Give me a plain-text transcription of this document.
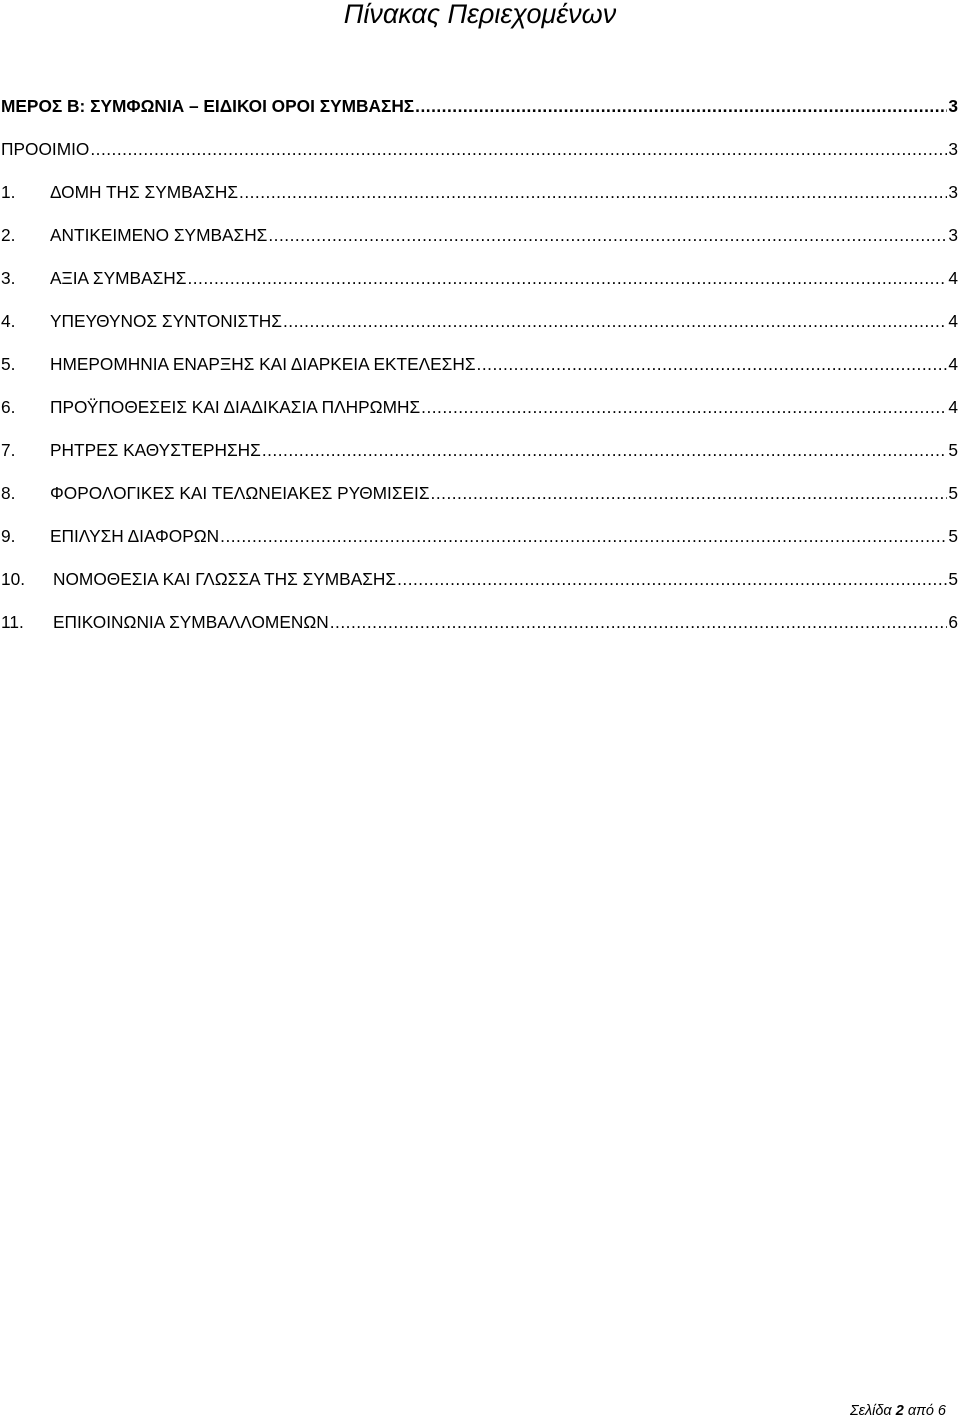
Πίνακας Περιεχομένων
ΜΕΡΟΣ Β: ΣΥΜΦΩΝΙΑ – ΕΙΔΙΚΟΙ ΟΡΟΙ ΣΥΜΒΑΣΗΣ .....	3
ΠΡΟΟΙΜΙΟ .....	3
1.	ΔΟΜΗ ΤΗΣ ΣΥΜΒΑΣΗΣ .....	3
2.	ΑΝΤΙΚΕΙΜΕΝΟ ΣΥΜΒΑΣΗΣ .....	3
3.	ΑΞΙΑ ΣΥΜΒΑΣΗΣ .....	4
4.	ΥΠΕΥΘΥΝΟΣ ΣΥΝΤΟΝΙΣΤΗΣ .....	4
5.	ΗΜΕΡΟΜΗΝΙΑ ΕΝΑΡΞΗΣ ΚΑΙ ΔΙΑΡΚΕΙΑ ΕΚΤΕΛΕΣΗΣ .....	4
6.	ΠΡΟΫΠΟΘΕΣΕΙΣ ΚΑΙ ΔΙΑΔΙΚΑΣΙΑ ΠΛΗΡΩΜΗΣ .....	4
7.	ΡΗΤΡΕΣ ΚΑΘΥΣΤΕΡΗΣΗΣ .....	5
8.	ΦΟΡΟΛΟΓΙΚΕΣ ΚΑΙ ΤΕΛΩΝΕΙΑΚΕΣ ΡΥΘΜΙΣΕΙΣ .....	5
9.	ΕΠΙΛΥΣΗ ΔΙΑΦΟΡΩΝ .....	5
10.	ΝΟΜΟΘΕΣΙΑ ΚΑΙ ΓΛΩΣΣΑ ΤΗΣ ΣΥΜΒΑΣΗΣ .....	5
11.	ΕΠΙΚΟΙΝΩΝΙΑ ΣΥΜΒΑΛΛΟΜΕΝΩΝ .....	6
Σελίδα 2 από 6
